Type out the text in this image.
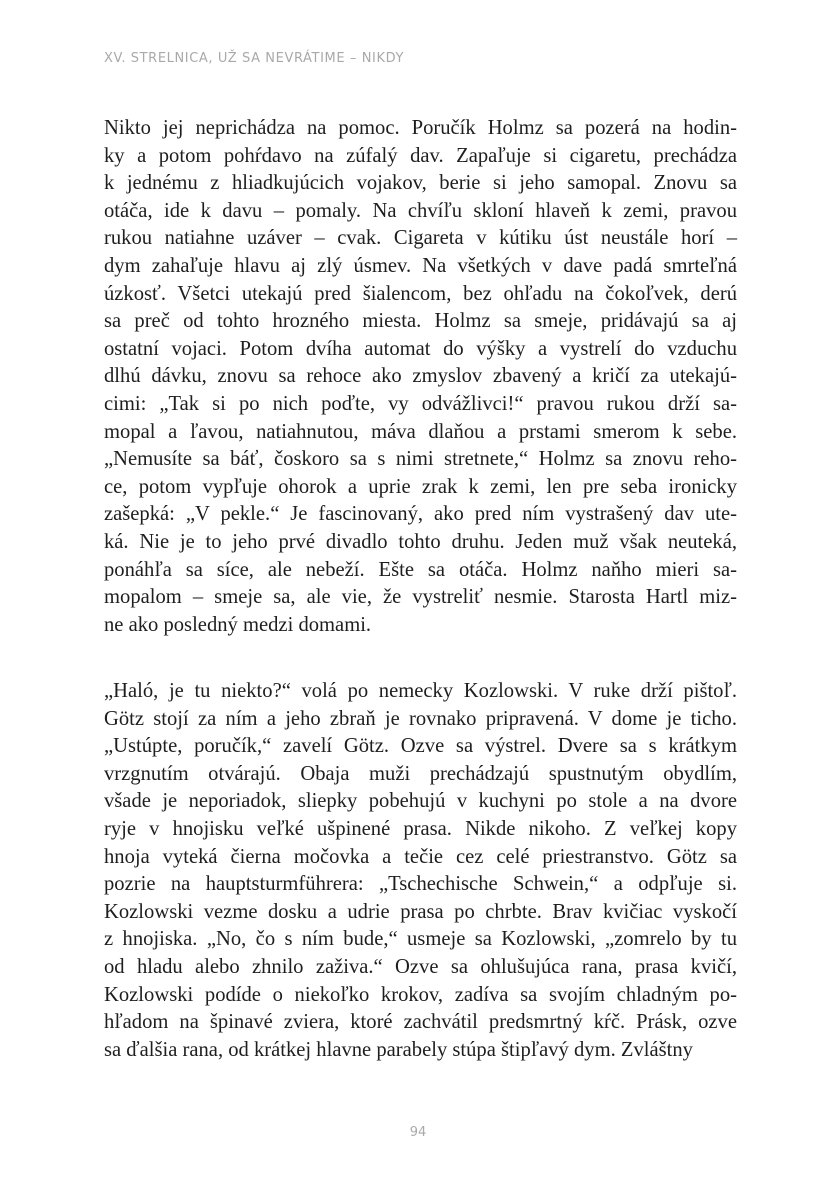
XV. STRELNICA, UŽ SA NEVRÁTIME – NIKDY
Nikto jej neprichádza na pomoc. Poručík Holmz sa pozerá na hodin-
ky a potom pohŕdavo na zúfalý dav. Zapaľuje si cigaretu, prechádza
k jednému z hliadkujúcich vojakov, berie si jeho samopal. Znovu sa
otáča, ide k davu – pomaly. Na chvíľu skloní hlaveň k zemi, pravou
rukou natiahne uzáver – cvak. Cigareta v kútiku úst neustále horí –
dym zahaľuje hlavu aj zlý úsmev. Na všetkých v dave padá smrteľná
úzkosť. Všetci utekajú pred šialencom, bez ohľadu na čokoľvek, derú
sa preč od tohto hrozného miesta. Holmz sa smeje, pridávajú sa aj
ostatní vojaci. Potom dvíha automat do výšky a vystrelí do vzduchu
dlhú dávku, znovu sa rehoce ako zmyslov zbavený a kričí za utekajú-
cimi: „Tak si po nich poďte, vy odvážlivci!“ pravou rukou drží sa-
mopal a ľavou, natiahnutou, máva dlaňou a prstami smerom k sebe.
„Nemusíte sa báť, čoskoro sa s nimi stretnete,“ Holmz sa znovu reho-
ce, potom vypľuje ohorok a uprie zrak k zemi, len pre seba ironicky
zašepká: „V pekle.“ Je fascinovaný, ako pred ním vystrašený dav ute-
ká. Nie je to jeho prvé divadlo tohto druhu. Jeden muž však neuteká,
ponáhľa sa síce, ale nebeží. Ešte sa otáča. Holmz naňho mieri sa-
mopalom – smeje sa, ale vie, že vystreliť nesmie. Starosta Hartl miz-
ne ako posledný medzi domami.
„Haló, je tu niekto?“ volá po nemecky Kozlowski. V ruke drží pištoľ.
Götz stojí za ním a jeho zbraň je rovnako pripravená. V dome je ticho.
„Ustúpte, poručík,“ zavelí Götz. Ozve sa výstrel. Dvere sa s krátkym
vrzgnutím otvárajú. Obaja muži prechádzajú spustnutým obydlím,
všade je neporiadok, sliepky pobehujú v kuchyni po stole a na dvore
ryje v hnojisku veľké ušpinené prasa. Nikde nikoho. Z veľkej kopy
hnoja vyteká čierna močovka a tečie cez celé priestranstvo. Götz sa
pozrie na hauptsturmführera: „Tschechische Schwein,“ a odpľuje si.
Kozlowski vezme dosku a udrie prasa po chrbte. Brav kvičiac vyskočí
z hnojiska. „No, čo s ním bude,“ usmeje sa Kozlowski, „zomrelo by tu
od hladu alebo zhnilo zaživa.“ Ozve sa ohlušujúca rana, prasa kvičí,
Kozlowski podíde o niekoľko krokov, zadíva sa svojím chladným po-
hľadom na špinavé zviera, ktoré zachvátil predsmrtný kŕč. Prásk, ozve
sa ďalšia rana, od krátkej hlavne parabely stúpa štipľavý dym. Zvláštny
94
